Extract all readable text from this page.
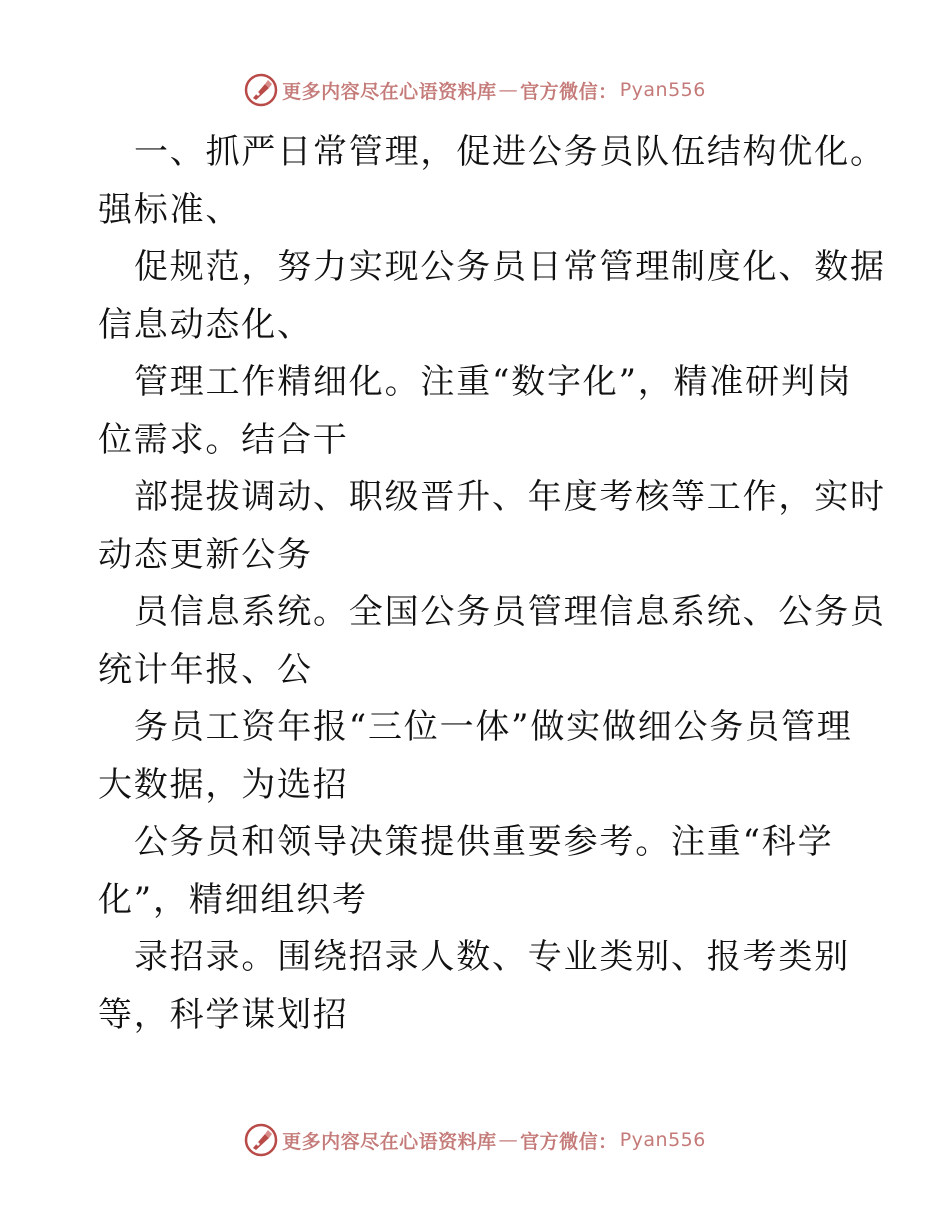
更多内容尽在心语资料库 — 官方微信： Pyan556
一、抓严日常管理，促进公务员队伍结构优化。
强标准、
促规范，努力实现公务员日常管理制度化、数据
信息动态化、
管理工作精细化。注重“数字化”，精准研判岗
位需求。结合干
部提拔调动、职级晋升、年度考核等工作，实时
动态更新公务
员信息系统。全国公务员管理信息系统、公务员
统计年报、公
务员工资年报“三位一体”做实做细公务员管理
大数据，为选招
公务员和领导决策提供重要参考。注重“科学
化”，精细组织考
录招录。围绕招录人数、专业类别、报考类别
等，科学谋划招
更多内容尽在心语资料库 — 官方微信： Pyan556
